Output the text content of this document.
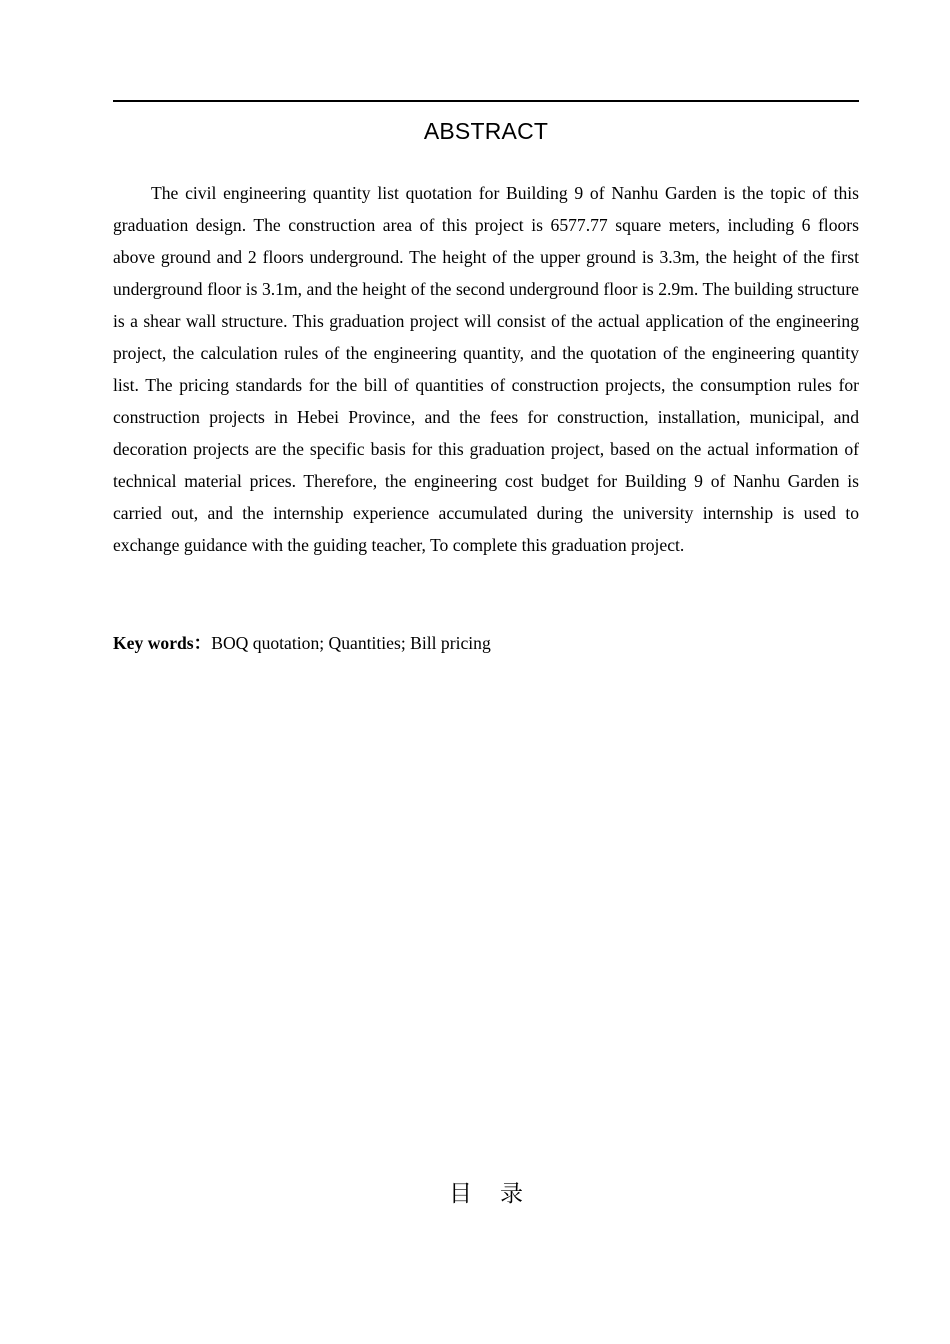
ABSTRACT

The civil engineering quantity list quotation for Building 9 of Nanhu Garden is the topic of this graduation design. The construction area of this project is 6577.77 square meters, including 6 floors above ground and 2 floors underground. The height of the upper ground is 3.3m, the height of the first underground floor is 3.1m, and the height of the second underground floor is 2.9m. The building structure is a shear wall structure. This graduation project will consist of the actual application of the engineering project, the calculation rules of the engineering quantity, and the quotation of the engineering quantity list. The pricing standards for the bill of quantities of construction projects, the consumption rules for construction projects in Hebei Province, and the fees for construction, installation, municipal, and decoration projects are the specific basis for this graduation project, based on the actual information of technical material prices. Therefore, the engineering cost budget for Building 9 of Nanhu Garden is carried out, and the internship experience accumulated during the university internship is used to exchange guidance with the guiding teacher, To complete this graduation project.

Key words：BOQ quotation; Quantities; Bill pricing
目录
